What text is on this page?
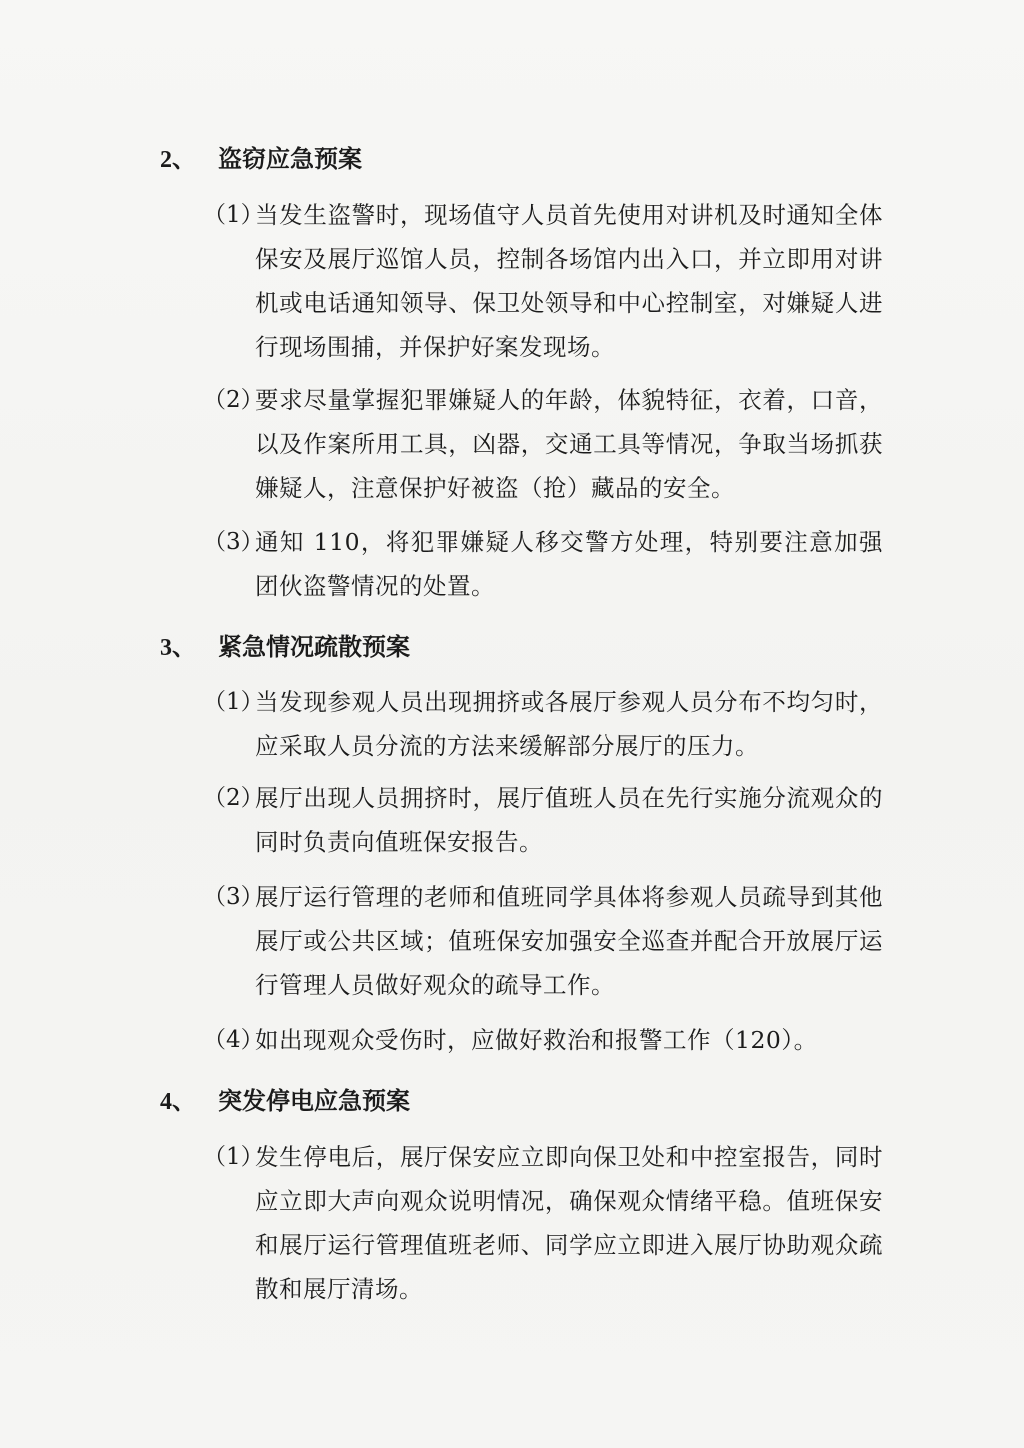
2、 盗窃应急预案
（1）
当发生盗警时，现场值守人员首先使用对讲机及时通知全体保安及展厅巡馆人员，控制各场馆内出入口，并立即用对讲机或电话通知领导、保卫处领导和中心控制室，对嫌疑人进行现场围捕，并保护好案发现场。
（2）
要求尽量掌握犯罪嫌疑人的年龄，体貌特征，衣着，口音，以及作案所用工具，凶器，交通工具等情况，争取当场抓获嫌疑人，注意保护好被盗（抢）藏品的安全。
（3）
通知 110，将犯罪嫌疑人移交警方处理，特别要注意加强团伙盗警情况的处置。
3、 紧急情况疏散预案
（1）
当发现参观人员出现拥挤或各展厅参观人员分布不均匀时，应采取人员分流的方法来缓解部分展厅的压力。
（2）
展厅出现人员拥挤时，展厅值班人员在先行实施分流观众的同时负责向值班保安报告。
（3）
展厅运行管理的老师和值班同学具体将参观人员疏导到其他展厅或公共区域；值班保安加强安全巡查并配合开放展厅运行管理人员做好观众的疏导工作。
（4）
如出现观众受伤时，应做好救治和报警工作（120）。
4、 突发停电应急预案
（1）
发生停电后，展厅保安应立即向保卫处和中控室报告，同时应立即大声向观众说明情况，确保观众情绪平稳。值班保安和展厅运行管理值班老师、同学应立即进入展厅协助观众疏散和展厅清场。
